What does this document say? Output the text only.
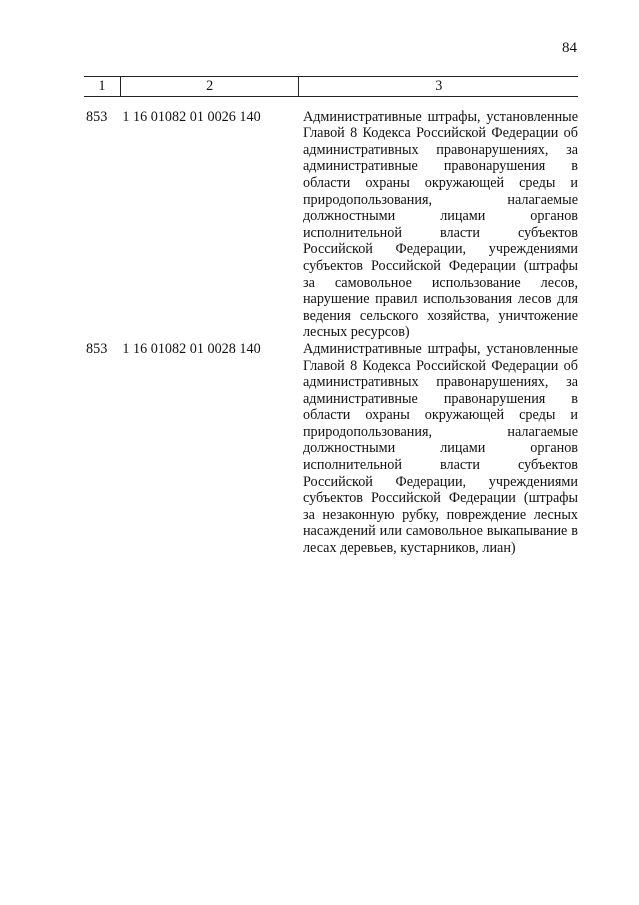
84
1	2	3

853	1 16 01082 01 0026 140	Административные штрафы, установленные Главой 8 Кодекса Российской Федерации об административных правонарушениях, за административные правонарушения в области охраны окружающей среды и природопользования, налагаемые должностными лицами органов исполнительной власти субъектов Российской Федерации, учреждениями субъектов Российской Федерации (штрафы за самовольное использование лесов, нарушение правил использования лесов для ведения сельского хозяйства, уничтожение лесных ресурсов)
853	1 16 01082 01 0028 140	Административные штрафы, установленные Главой 8 Кодекса Российской Федерации об административных правонарушениях, за административные правонарушения в области охраны окружающей среды и природопользования, налагаемые должностными лицами органов исполнительной власти субъектов Российской Федерации, учреждениями субъектов Российской Федерации (штрафы за незаконную рубку, повреждение лесных насаждений или самовольное выкапывание в лесах деревьев, кустарников, лиан)
